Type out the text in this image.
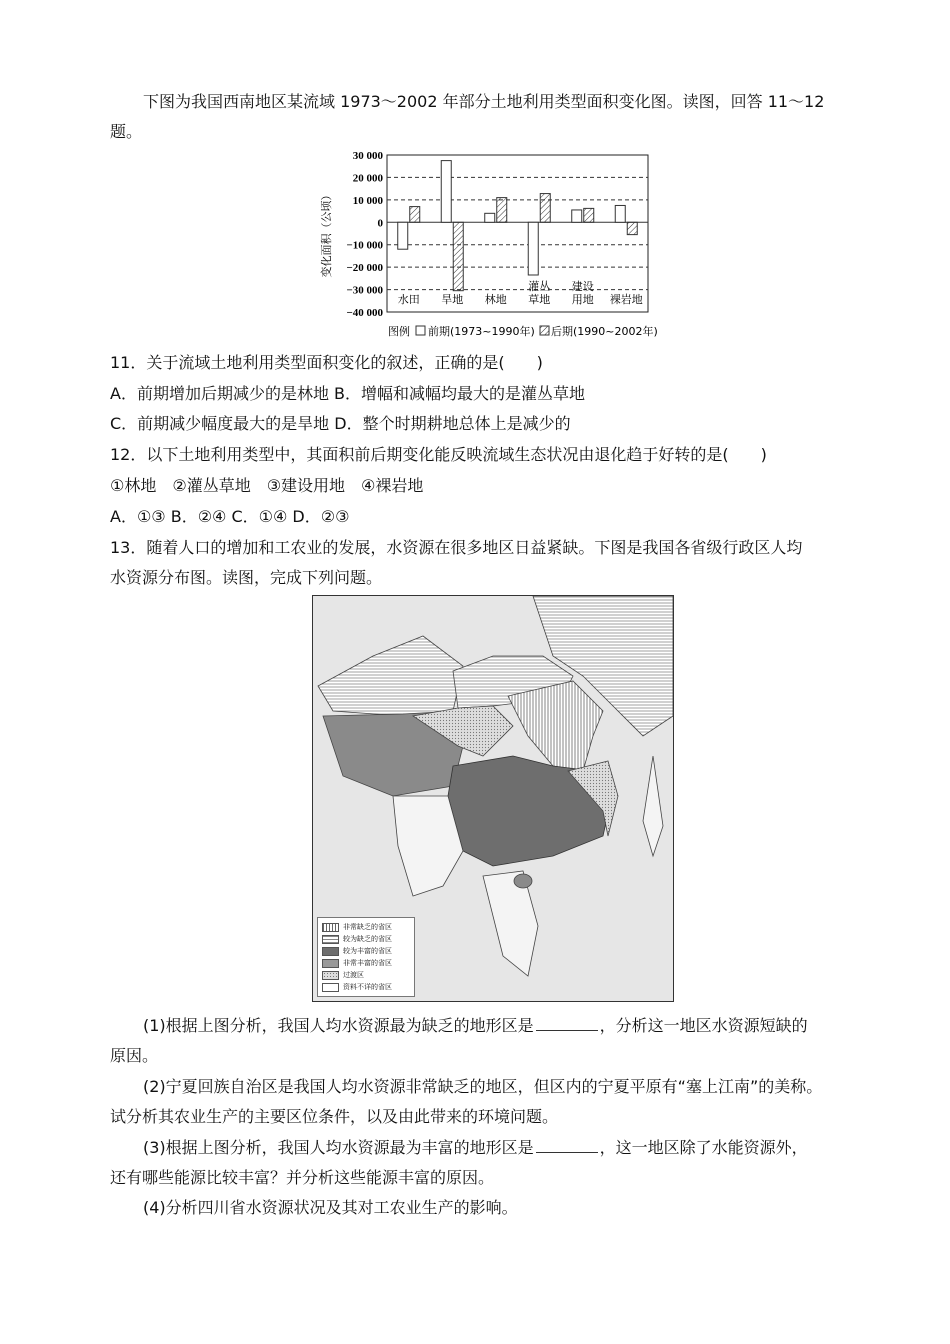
下图为我国西南地区某流域 1973～2002 年部分土地利用类型面积变化图。读图，回答 11～12
题。
30 000
20 000
10 000
0
−10 000
−20 000
−30 000
−40 000
变化面积（公顷）
水田 旱地 林地
灌丛
草地
建设
用地 裸岩地
图例 前期(1973~1990年) 后期(1990~2002年)
11．关于流域土地利用类型面积变化的叙述，正确的是(　　)
A．前期增加后期减少的是林地 B．增幅和减幅均最大的是灌丛草地
C．前期减少幅度最大的是旱地 D．整个时期耕地总体上是减少的
12．以下土地利用类型中，其面积前后期变化能反映流域生态状况由退化趋于好转的是(　　)
①林地　②灌丛草地　③建设用地　④裸岩地
A．①③ B．②④ C．①④ D．②③
13．随着人口的增加和工农业的发展，水资源在很多地区日益紧缺。下图是我国各省级行政区人均
水资源分布图。读图，完成下列问题。
非常缺乏的省区
较为缺乏的省区
较为丰富的省区
非常丰富的省区
过渡区
资料不详的省区
(1)根据上图分析，我国人均水资源最为缺乏的地形区是	，分析这一地区水资源短缺的
原因。
(2)宁夏回族自治区是我国人均水资源非常缺乏的地区，但区内的宁夏平原有“塞上江南”的美称。
试分析其农业生产的主要区位条件，以及由此带来的环境问题。
(3)根据上图分析，我国人均水资源最为丰富的地形区是	，这一地区除了水能资源外，
还有哪些能源比较丰富？并分析这些能源丰富的原因。
(4)分析四川省水资源状况及其对工农业生产的影响。
